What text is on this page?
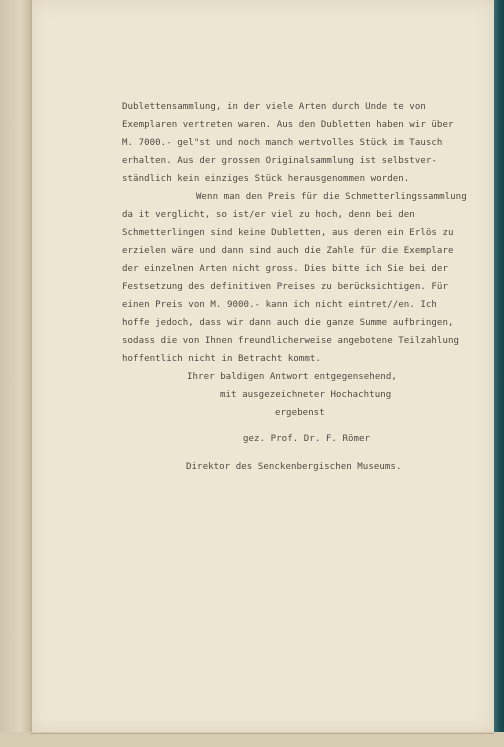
Dublettensammlung, in der viele Arten durch Unde te von
Exemplaren vertreten waren. Aus den Dubletten haben wir über
M. 7000.- gel"st und noch manch wertvolles Stück im Tausch
erhalten. Aus der grossen Originalsammlung ist selbstver-
ständlich kein einziges Stück herausgenommen worden.
Wenn man den Preis für die Schmetterlingssammlung
da it verglicht, so ist/er viel zu hoch, denn bei den
Schmetterlingen sind keine Dubletten, aus deren ein Erlös zu
erzielen wäre und dann sind auch die Zahle für die Exemplare
der einzelnen Arten nicht gross. Dies bitte ich Sie bei der
Festsetzung des definitiven Preises zu berücksichtigen. Für
einen Preis von M. 9000.- kann ich nicht eintret//en. Ich
hoffe jedoch, dass wir dann auch die ganze Summe aufbringen,
sodass die von Ihnen freundlicherweise angebotene Teilzahlung
hoffentlich nicht in Betracht kommt.
Ihrer baldigen Antwort entgegensehend,
mit ausgezeichneter Hochachtung
ergebenst
gez. Prof. Dr. F. Römer
Direktor des Senckenbergischen Museums.
